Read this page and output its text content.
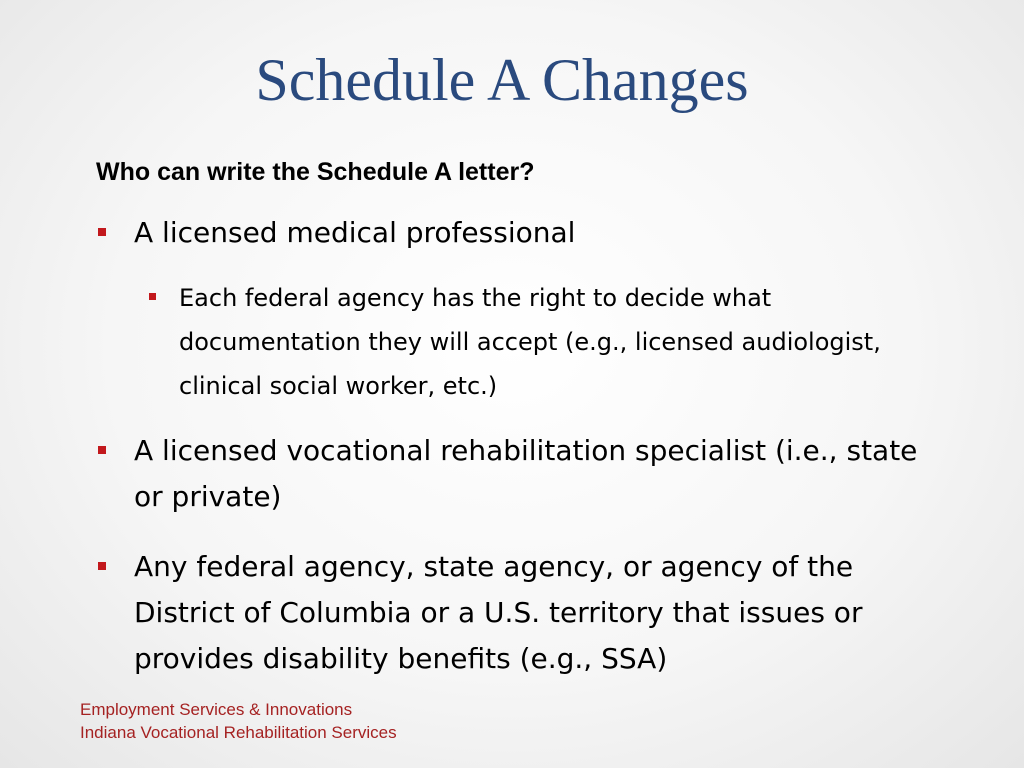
Schedule A Changes
Who can write the Schedule A letter?
A licensed medical professional
Each federal agency has the right to decide what documentation they will accept (e.g., licensed audiologist, clinical social worker, etc.)
A licensed vocational rehabilitation specialist (i.e., state or private)
Any federal agency, state agency, or agency of the District of Columbia or a U.S. territory that issues or provides disability benefits (e.g., SSA)
Employment Services & Innovations
Indiana Vocational Rehabilitation Services
